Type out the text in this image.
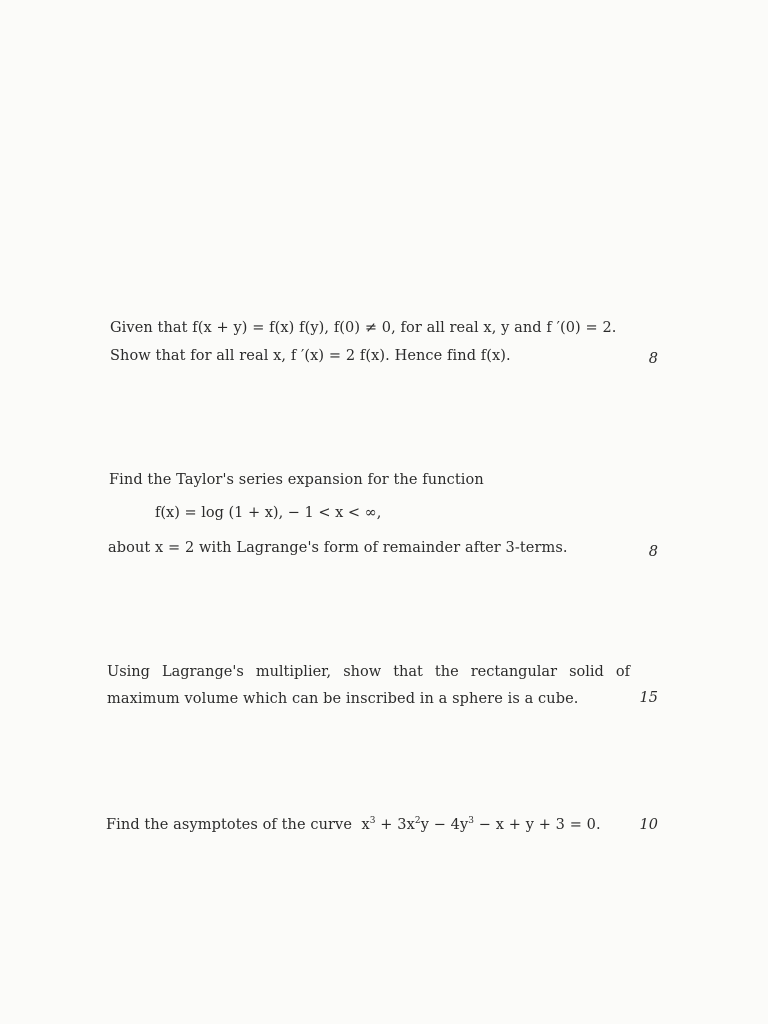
Given that f(x + y) = f(x) f(y), f(0) ≠ 0, for all real x, y and f ′(0) = 2.
Show that for all real x, f ′(x) = 2 f(x). Hence find f(x).	8
Find the Taylor's series expansion for the function
f(x) = log (1 + x), − 1 < x < ∞,
about x = 2 with Lagrange's form of remainder after 3-terms.	8
Using Lagrange's multiplier, show that the rectangular solid of
maximum volume which can be inscribed in a sphere is a cube.	15
Find the asymptotes of the curve $x^3 + 3x^2y - 4y^3 - x + y + 3 = 0$.	10
